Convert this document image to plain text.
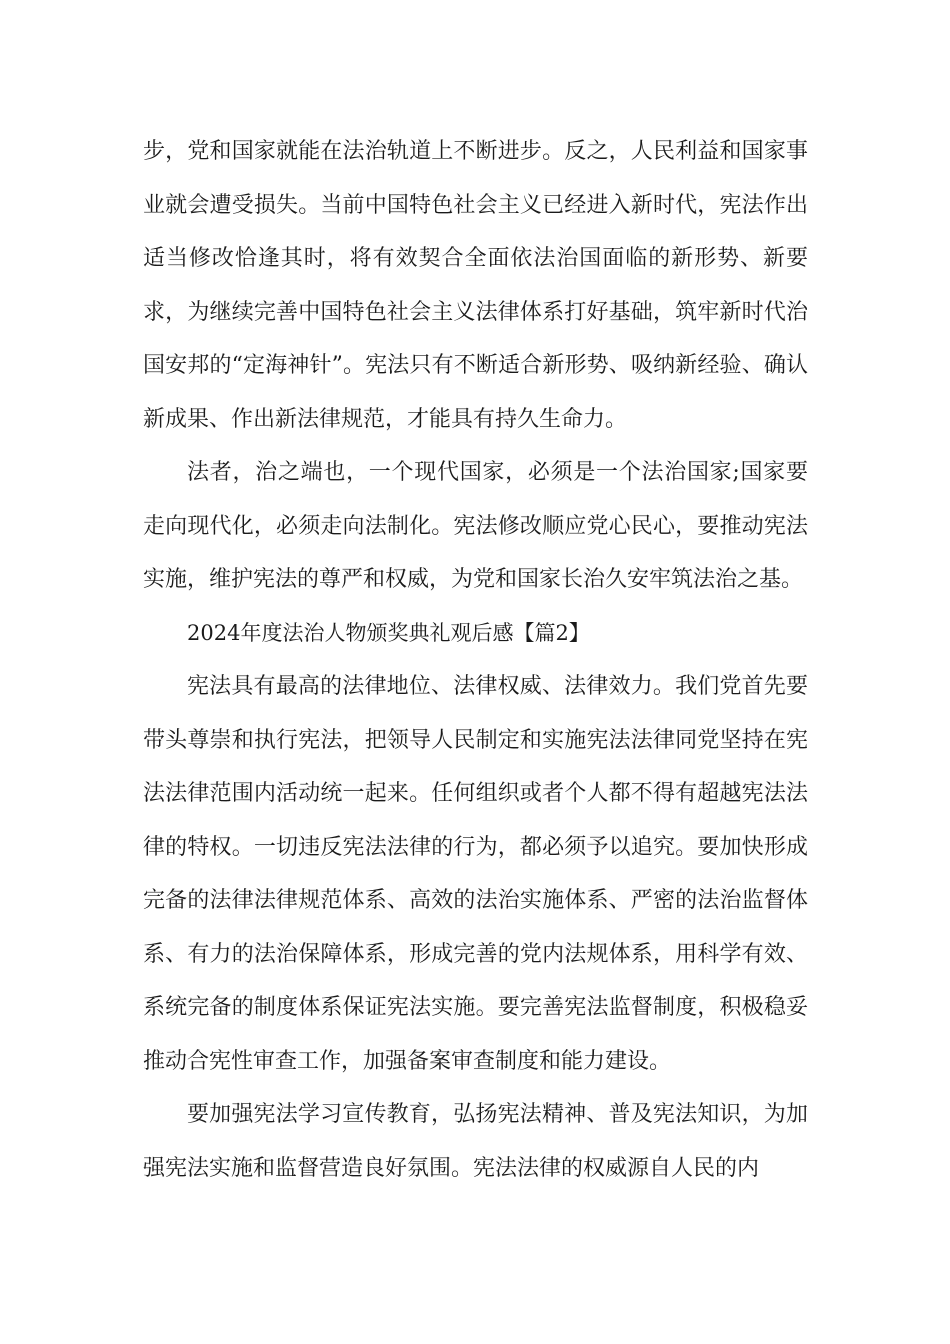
步，党和国家就能在法治轨道上不断进步。反之，人民利益和国家事业就会遭受损失。当前中国特色社会主义已经进入新时代，宪法作出适当修改恰逢其时，将有效契合全面依法治国面临的新形势、新要求，为继续完善中国特色社会主义法律体系打好基础，筑牢新时代治国安邦的“定海神针”。宪法只有不断适合新形势、吸纳新经验、确认新成果、作出新法律规范，才能具有持久生命力。

法者，治之端也，一个现代国家，必须是一个法治国家;国家要走向现代化，必须走向法制化。宪法修改顺应党心民心，要推动宪法实施，维护宪法的尊严和权威，为党和国家长治久安牢筑法治之基。

2024年度法治人物颁奖典礼观后感【篇2】

宪法具有最高的法律地位、法律权威、法律效力。我们党首先要带头尊崇和执行宪法，把领导人民制定和实施宪法法律同党坚持在宪法法律范围内活动统一起来。任何组织或者个人都不得有超越宪法法律的特权。一切违反宪法法律的行为，都必须予以追究。要加快形成完备的法律法律规范体系、高效的法治实施体系、严密的法治监督体系、有力的法治保障体系，形成完善的党内法规体系，用科学有效、系统完备的制度体系保证宪法实施。要完善宪法监督制度，积极稳妥推动合宪性审查工作，加强备案审查制度和能力建设。

要加强宪法学习宣传教育，弘扬宪法精神、普及宪法知识，为加强宪法实施和监督营造良好氛围。宪法法律的权威源自人民的内
